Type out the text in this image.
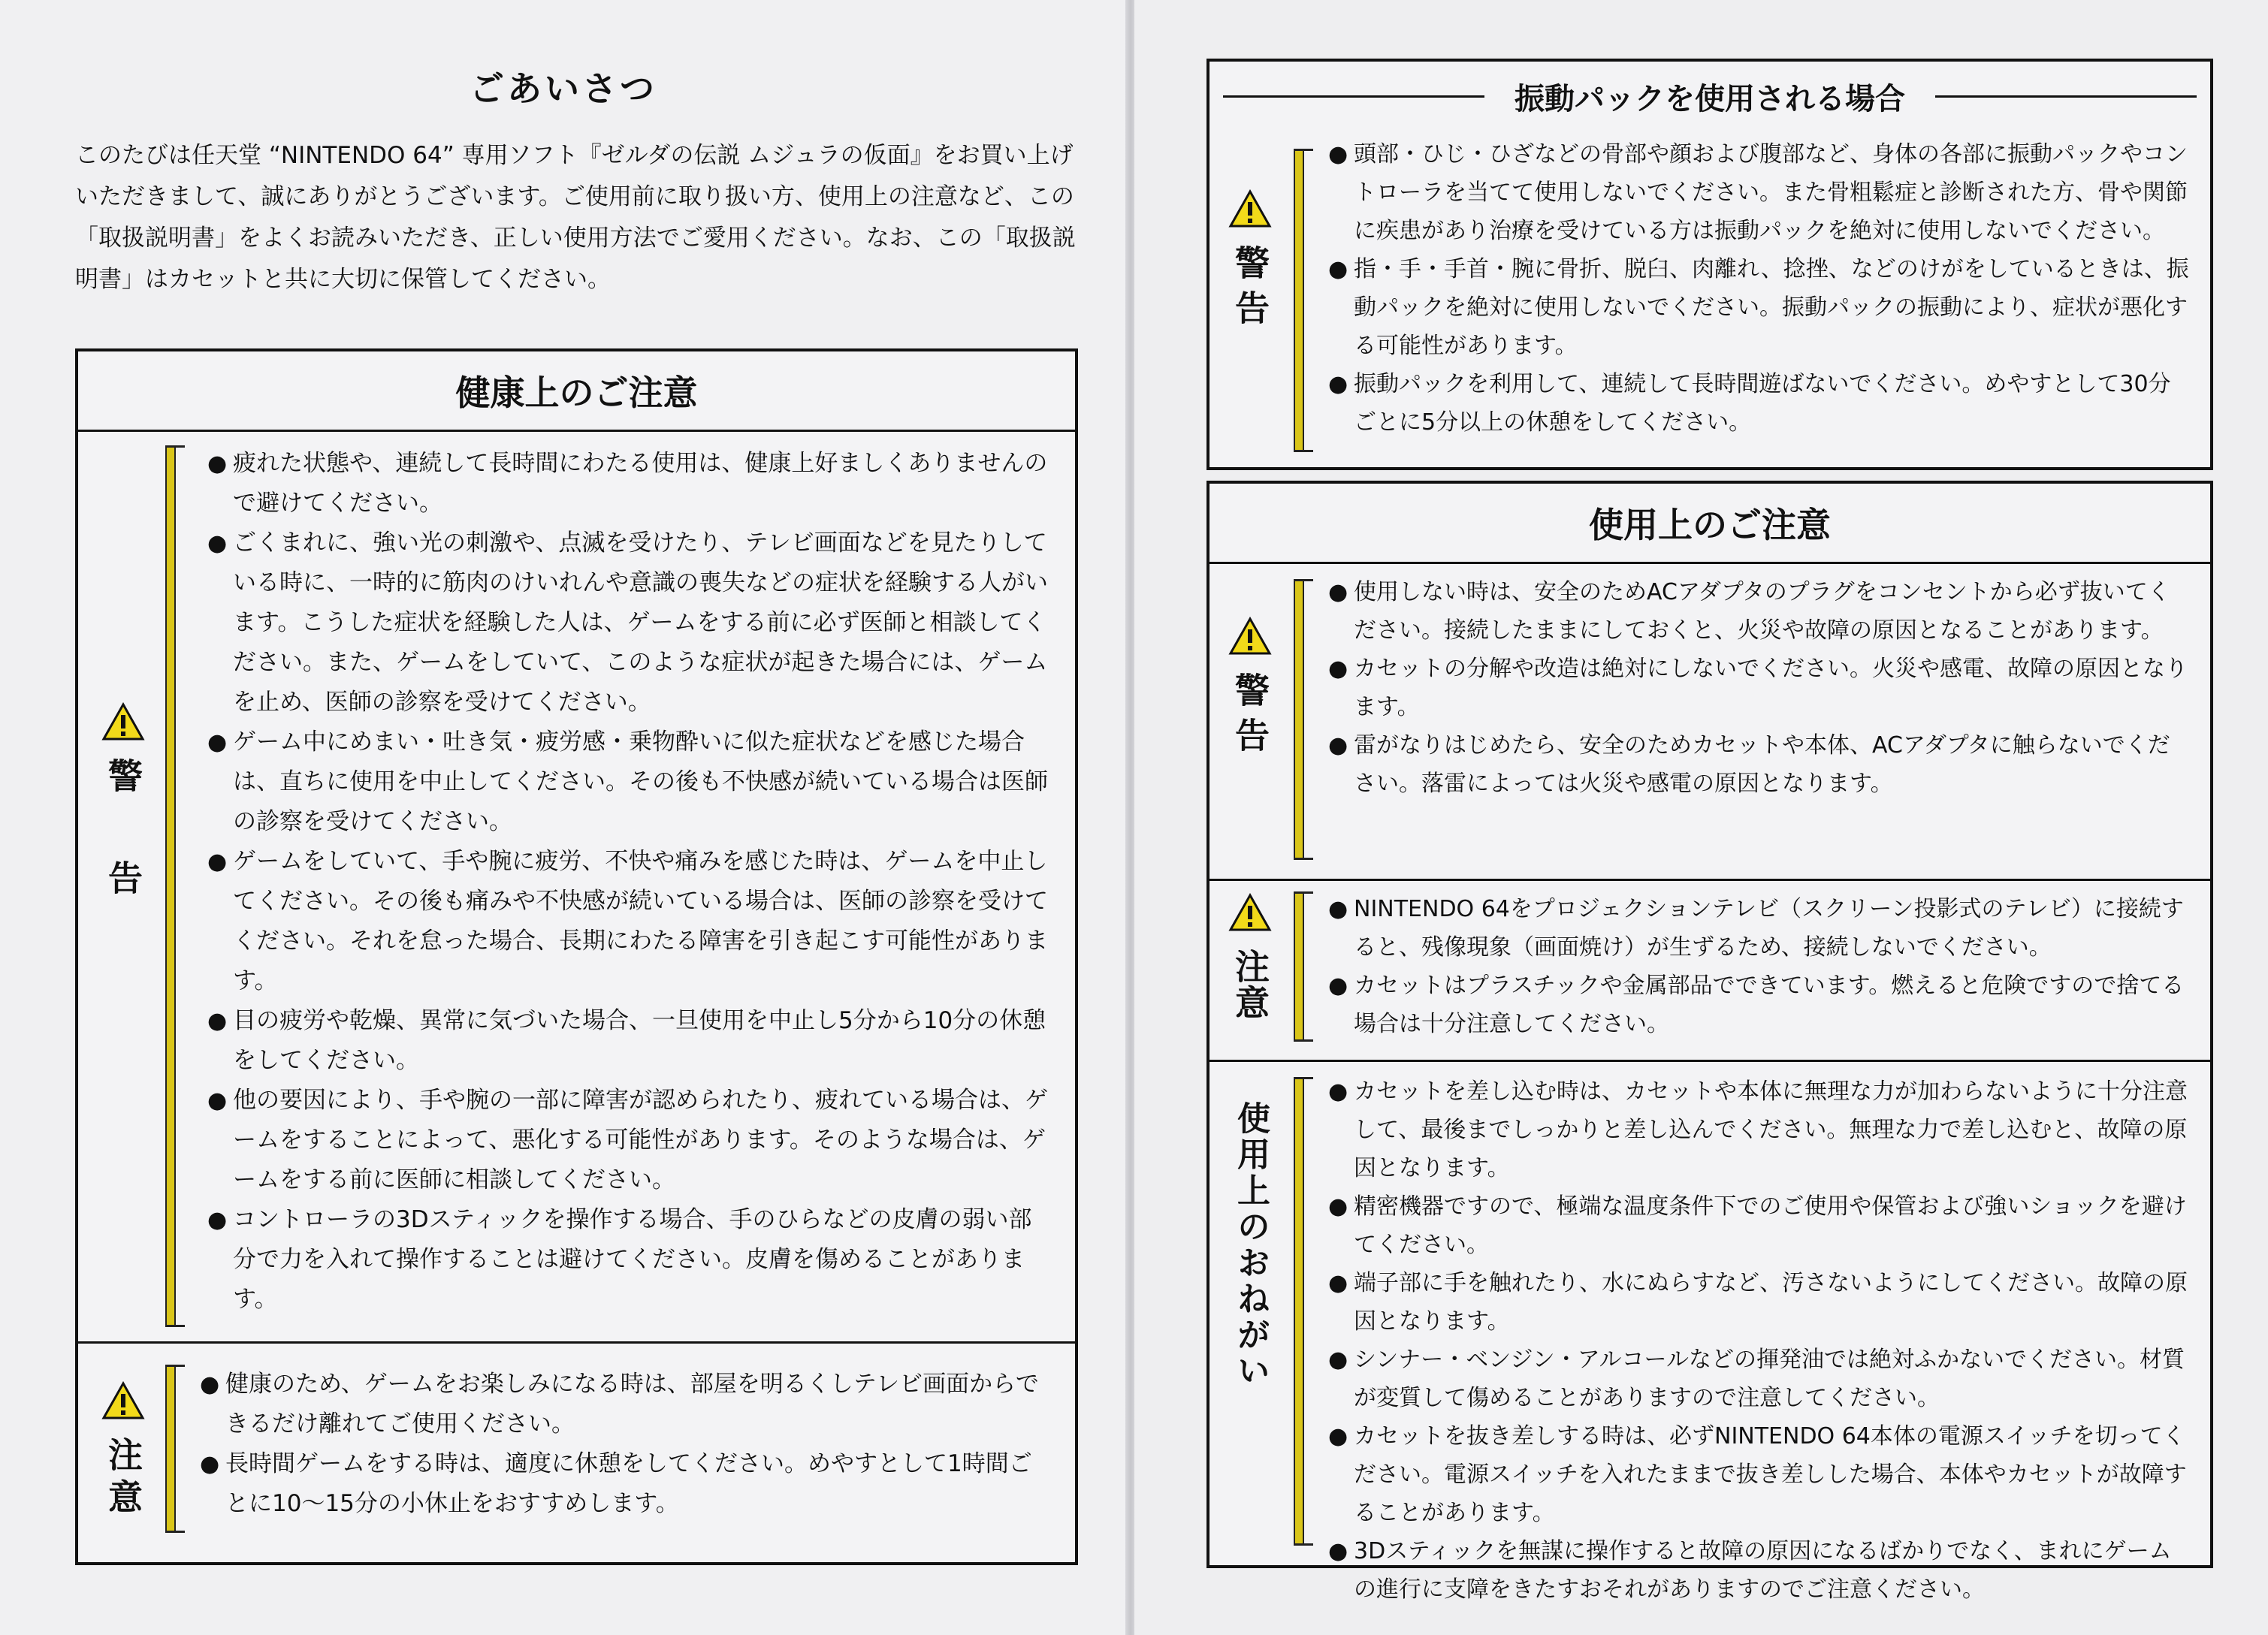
ごあいさつ

このたびは任天堂 “NINTENDO 64” 専用ソフト『ゼルダの伝説 ムジュラの仮面』をお買い上げいただきまして、誠にありがとうございます。ご使用前に取り扱い方、使用上の注意など、この「取扱説明書」をよくお読みいただき、正しい使用方法でご愛用ください。なお、この「取扱説明書」はカセットと共に大切に保管してください。

健康上のご注意
警告
● 疲れた状態や、連続して長時間にわたる使用は、健康上好ましくありませんので避けてください。
● ごくまれに、強い光の刺激や、点滅を受けたり、テレビ画面などを見たりしている時に、一時的に筋肉のけいれんや意識の喪失などの症状を経験する人がいます。こうした症状を経験した人は、ゲームをする前に必ず医師と相談してください。また、ゲームをしていて、このような症状が起きた場合には、ゲームを止め、医師の診察を受けてください。
● ゲーム中にめまい・吐き気・疲労感・乗物酔いに似た症状などを感じた場合は、直ちに使用を中止してください。その後も不快感が続いている場合は医師の診察を受けてください。
● ゲームをしていて、手や腕に疲労、不快や痛みを感じた時は、ゲームを中止してください。その後も痛みや不快感が続いている場合は、医師の診察を受けてください。それを怠った場合、長期にわたる障害を引き起こす可能性があります。
● 目の疲労や乾燥、異常に気づいた場合、一旦使用を中止し5分から10分の休憩をしてください。
● 他の要因により、手や腕の一部に障害が認められたり、疲れている場合は、ゲームをすることによって、悪化する可能性があります。そのような場合は、ゲームをする前に医師に相談してください。
● コントローラの3Dスティックを操作する場合、手のひらなどの皮膚の弱い部分で力を入れて操作することは避けてください。皮膚を傷めることがあります。
注意
● 健康のため、ゲームをお楽しみになる時は、部屋を明るくしテレビ画面からできるだけ離れてご使用ください。
● 長時間ゲームをする時は、適度に休憩をしてください。めやすとして1時間ごとに10〜15分の小休止をおすすめします。
振動パックを使用される場合
警告
● 頭部・ひじ・ひざなどの骨部や顔および腹部など、身体の各部に振動パックやコントローラを当てて使用しないでください。また骨粗鬆症と診断された方、骨や関節に疾患があり治療を受けている方は振動パックを絶対に使用しないでください。
● 指・手・手首・腕に骨折、脱臼、肉離れ、捻挫、などのけがをしているときは、振動パックを絶対に使用しないでください。振動パックの振動により、症状が悪化する可能性があります。
● 振動パックを利用して、連続して長時間遊ばないでください。めやすとして30分ごとに5分以上の休憩をしてください。
使用上のご注意
警告
● 使用しない時は、安全のためACアダプタのプラグをコンセントから必ず抜いてください。接続したままにしておくと、火災や故障の原因となることがあります。
● カセットの分解や改造は絶対にしないでください。火災や感電、故障の原因となります。
● 雷がなりはじめたら、安全のためカセットや本体、ACアダプタに触らないでください。落雷によっては火災や感電の原因となります。
注意
● NINTENDO 64をプロジェクションテレビ（スクリーン投影式のテレビ）に接続すると、残像現象（画面焼け）が生ずるため、接続しないでください。
● カセットはプラスチックや金属部品でできています。燃えると危険ですので捨てる場合は十分注意してください。
使用上のおねがい
● カセットを差し込む時は、カセットや本体に無理な力が加わらないように十分注意して、最後までしっかりと差し込んでください。無理な力で差し込むと、故障の原因となります。
● 精密機器ですので、極端な温度条件下でのご使用や保管および強いショックを避けてください。
● 端子部に手を触れたり、水にぬらすなど、汚さないようにしてください。故障の原因となります。
● シンナー・ベンジン・アルコールなどの揮発油では絶対ふかないでください。材質が変質して傷めることがありますので注意してください。
● カセットを抜き差しする時は、必ずNINTENDO 64本体の電源スイッチを切ってください。電源スイッチを入れたままで抜き差しした場合、本体やカセットが故障することがあります。
● 3Dスティックを無謀に操作すると故障の原因になるばかりでなく、まれにゲームの進行に支障をきたすおそれがありますのでご注意ください。
